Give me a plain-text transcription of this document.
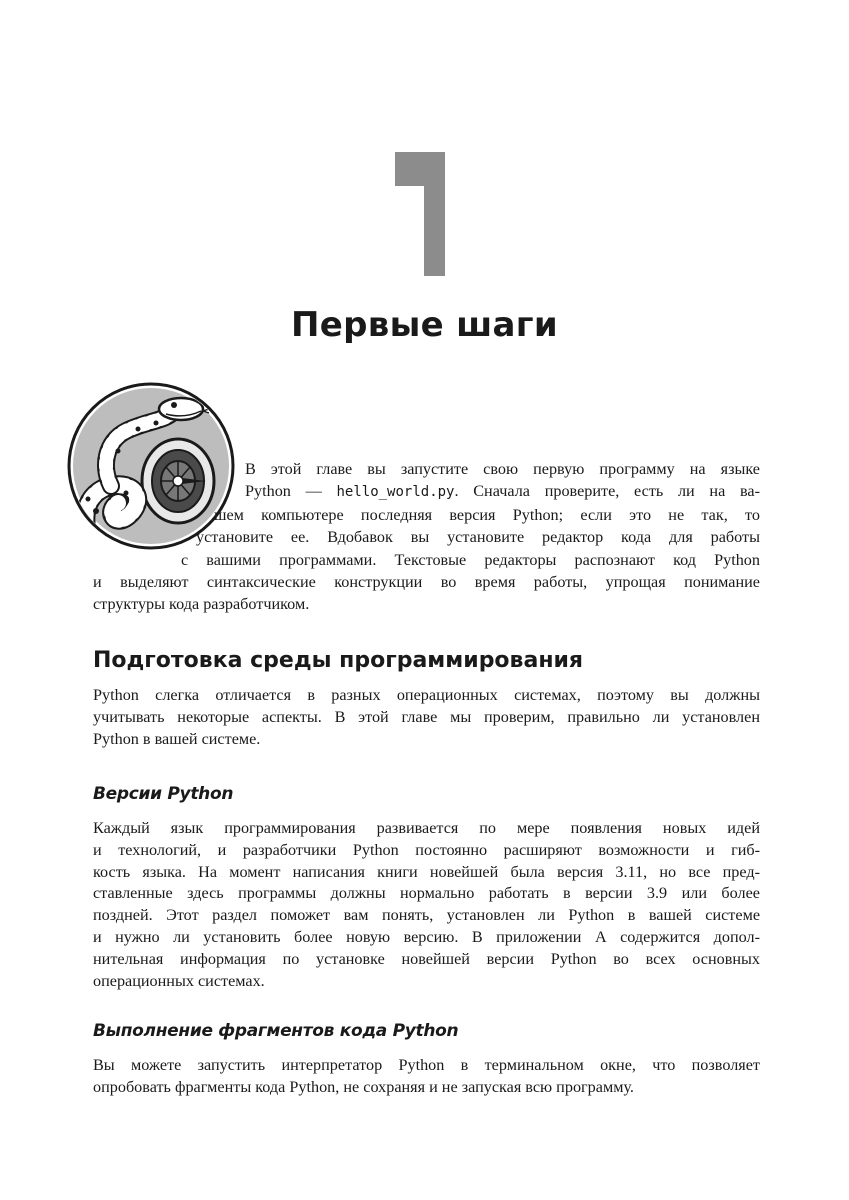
Первые шаги

В этой главе вы запустите свою первую программу на языке
Python — hello_world.py. Сначала проверите, есть ли на ва-
шем компьютере последняя версия Python; если это не так, то
установите ее. Вдобавок вы установите редактор кода для работы
с вашими программами. Текстовые редакторы распознают код Python
и выделяют синтаксические конструкции во время работы, упрощая понимание
структуры кода разработчиком.

Подготовка среды программирования

Python слегка отличается в разных операционных системах, поэтому вы должны
учитывать некоторые аспекты. В этой главе мы проверим, правильно ли установлен
Python в вашей системе.

Версии Python

Каждый язык программирования развивается по мере появления новых идей
и технологий, и разработчики Python постоянно расширяют возможности и гиб-
кость языка. На момент написания книги новейшей была версия 3.11, но все пред-
ставленные здесь программы должны нормально работать в версии 3.9 или более
поздней. Этот раздел поможет вам понять, установлен ли Python в вашей системе
и нужно ли установить более новую версию. В приложении А содержится допол-
нительная информация по установке новейшей версии Python во всех основных
операционных системах.

Выполнение фрагментов кода Python

Вы можете запустить интерпретатор Python в терминальном окне, что позволяет
опробовать фрагменты кода Python, не сохраняя и не запуская всю программу.
